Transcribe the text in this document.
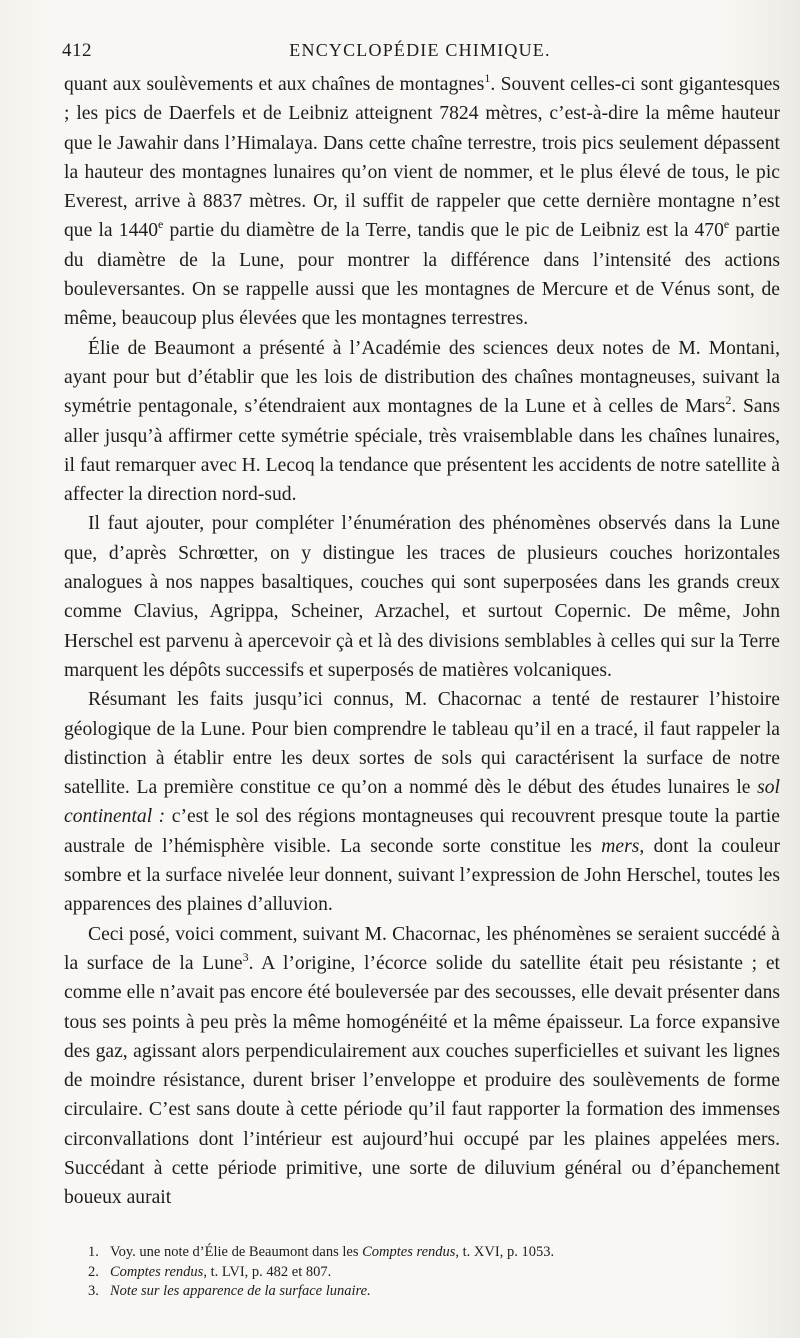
412	ENCYCLOPÉDIE CHIMIQUE.

quant aux soulèvements et aux chaînes de montagnes$^1$. Souvent celles-ci sont gigantesques ; les pics de Daerfels et de Leibniz atteignent 7824 mètres, c’est-à-dire la même hauteur que le Jawahir dans l’Himalaya. Dans cette chaîne terrestre, trois pics seulement dépassent la hauteur des montagnes lunaires qu’on vient de nommer, et le plus élevé de tous, le pic Everest, arrive à 8837 mètres. Or, il suffit de rappeler que cette dernière montagne n’est que la 1440e partie du diamètre de la Terre, tandis que le pic de Leibniz est la 470e partie du diamètre de la Lune, pour montrer la différence dans l’intensité des actions bouleversantes. On se rappelle aussi que les montagnes de Mercure et de Vénus sont, de même, beaucoup plus élevées que les montagnes terrestres.

Élie de Beaumont a présenté à l’Académie des sciences deux notes de M. Montani, ayant pour but d’établir que les lois de distribution des chaînes montagneuses, suivant la symétrie pentagonale, s’étendraient aux montagnes de la Lune et à celles de Mars$^2$. Sans aller jusqu’à affirmer cette symétrie spéciale, très vraisemblable dans les chaînes lunaires, il faut remarquer avec H. Lecoq la tendance que présentent les accidents de notre satellite à affecter la direction nord-sud.

Il faut ajouter, pour compléter l’énumération des phénomènes observés dans la Lune que, d’après Schrœtter, on y distingue les traces de plusieurs couches horizontales analogues à nos nappes basaltiques, couches qui sont superposées dans les grands creux comme Clavius, Agrippa, Scheiner, Arzachel, et surtout Copernic. De même, John Herschel est parvenu à apercevoir çà et là des divisions semblables à celles qui sur la Terre marquent les dépôts successifs et superposés de matières volcaniques.

Résumant les faits jusqu’ici connus, M. Chacornac a tenté de restaurer l’histoire géologique de la Lune. Pour bien comprendre le tableau qu’il en a tracé, il faut rappeler la distinction à établir entre les deux sortes de sols qui caractérisent la surface de notre satellite. La première constitue ce qu’on a nommé dès le début des études lunaires le sol continental : c’est le sol des régions montagneuses qui recouvrent presque toute la partie australe de l’hémisphère visible. La seconde sorte constitue les mers, dont la couleur sombre et la surface nivelée leur donnent, suivant l’expression de John Herschel, toutes les apparences des plaines d’alluvion.

Ceci posé, voici comment, suivant M. Chacornac, les phénomènes se seraient succédé à la surface de la Lune$^3$. A l’origine, l’écorce solide du satellite était peu résistante ; et comme elle n’avait pas encore été bouleversée par des secousses, elle devait présenter dans tous ses points à peu près la même homogénéité et la même épaisseur. La force expansive des gaz, agissant alors perpendiculairement aux couches superficielles et suivant les lignes de moindre résistance, durent briser l’enveloppe et produire des soulèvements de forme circulaire. C’est sans doute à cette période qu’il faut rapporter la formation des immenses circonvallations dont l’intérieur est aujourd’hui occupé par les plaines appelées mers. Succédant à cette période primitive, une sorte de diluvium général ou d’épanchement boueux aurait

1. Voy. une note d’Élie de Beaumont dans les Comptes rendus, t. XVI, p. 1053.

2. Comptes rendus, t. LVI, p. 482 et 807.

3. Note sur les apparence de la surface lunaire.
